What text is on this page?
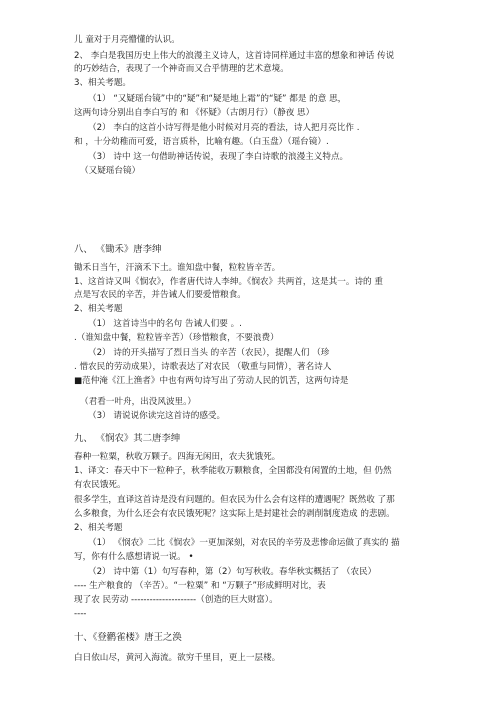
儿 童对于月亮懵懂的认识。
2、 李白是我国历史上伟大的浪漫主义诗人，这首诗同样通过丰富的想象和神话 传说
的巧妙结合，表现了一个神奇而又合乎情理的艺术意境。
3、相关考题。
（1） “又疑瑶台镜”中的“疑”和“疑是地上霜”的“疑” 都是 的意 思，
这两句诗分别出自李白写的 和 《怀疑》（古朗月行）（静夜 思）
（2） 李白的这首小诗写得是他小时候对月亮的看法，诗人把月亮比作 .
和 ，十分幼稚而可爱，语言质朴，比喻有趣。（白玉盘）（瑶台镜）.
（3） 诗中 这一句借助神话传说，表现了李白诗歌的浪漫主义特点。
（又疑瑶台镜）
八、 《锄禾》唐李绅
锄禾日当午，汗滴禾下土。谁知盘中餐，粒粒皆辛苦。
1、这首诗又叫《悯农》，作者唐代诗人李绅。《悯农》共两首，这是其一。诗的 重
点是写农民的辛苦，并告诫人们要爱惜粮食。
2、相关考题
（1） 这首诗当中的名句 告诫人们要 。.
.（谁知盘中餐，粒粒皆辛苦）（珍惜粮食，不要浪费）
（2） 诗的开头描写了烈日当头 的辛苦（农民），提醒人们 （珍
. 惜农民的劳动成果），诗歌表达了对农民 （敬重与同情），著名诗人
■范仲淹《江上渔者》中也有两句诗写出了劳动人民的饥苦，这两句诗是
（君看一叶舟，出没风波里。）
（3） 请说说你读完这首诗的感受。
九、 《悯农》其二唐李绅
春种一粒粟，秋收万颗子。四海无闲田，农夫犹饿死。
1、译文：春天中下一粒种子，秋季能收万颗粮食，全国都没有闲置的土地，但 仍然
有农民饿死。
很多学生，直译这首诗是没有问题的。但农民为什么会有这样的遭遇呢？既然收 了那
么多粮食，为什么还会有农民饿死呢？这实际上是封建社会的剥削制度造成 的悲剧。
2、相关考题
（1） 《悯农》二比《悯农》一更加深刻，对农民的辛劳及悲惨命运做了真实的 描
写，你有什么感想请说一说。 •
（2） 诗中第（1）句写春种，第（2）句写秋收。春华秋实概括了 （农民）
---- 生产粮食的 （辛苦）。“一粒粟” 和 “万颗子”形成鲜明对比，表
现了农 民劳动 ---------------------（创造的巨大财富）。
----
十、《登鹳雀楼》唐王之涣
白日依山尽，黄河入海流。欲穷千里目，更上一层楼。
